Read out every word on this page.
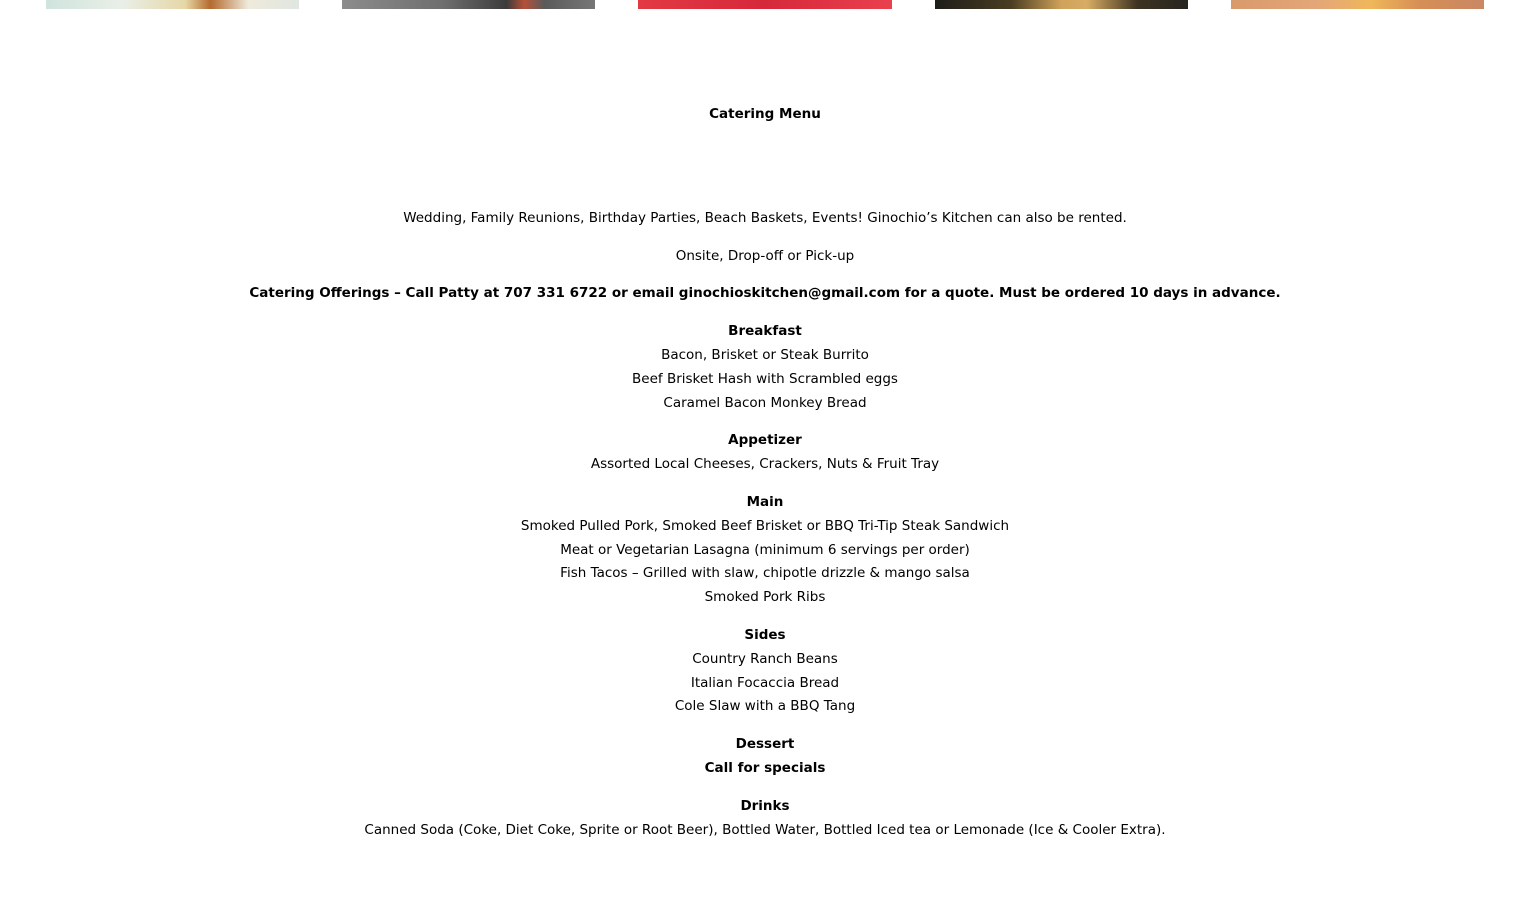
Catering Menu
Wedding, Family Reunions, Birthday Parties, Beach Baskets, Events! Ginochio’s Kitchen can also be rented.
Onsite, Drop-off or Pick-up
Catering Offerings – Call Patty at 707 331 6722 or email ginochioskitchen@gmail.com for a quote. Must be ordered 10 days in advance.
Breakfast
Bacon, Brisket or Steak Burrito
Beef Brisket Hash with Scrambled eggs
Caramel Bacon Monkey Bread
Appetizer
Assorted Local Cheeses, Crackers, Nuts & Fruit Tray
Main
Smoked Pulled Pork, Smoked Beef Brisket or BBQ Tri-Tip Steak Sandwich
Meat or Vegetarian Lasagna (minimum 6 servings per order)
Fish Tacos – Grilled with slaw, chipotle drizzle & mango salsa
Smoked Pork Ribs
Sides
Country Ranch Beans
Italian Focaccia Bread
Cole Slaw with a BBQ Tang
Dessert
Call for specials
Drinks
Canned Soda (Coke, Diet Coke, Sprite or Root Beer), Bottled Water, Bottled Iced tea or Lemonade (Ice & Cooler Extra).
